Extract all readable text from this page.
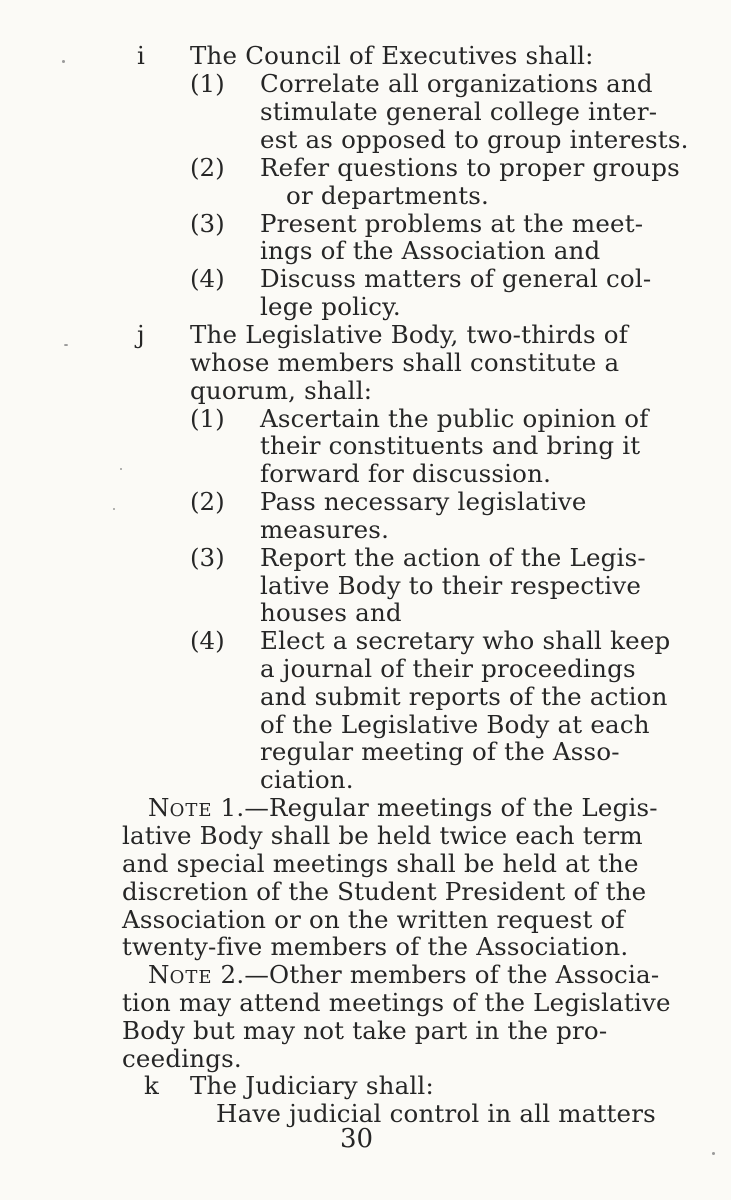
i The Council of Executives shall:
(1) Correlate all organizations and
stimulate general college inter-
est as opposed to group interests.
(2) Refer questions to proper groups
or departments.
(3) Present problems at the meet-
ings of the Association and
(4) Discuss matters of general col-
lege policy.
j The Legislative Body, two-thirds of
whose members shall constitute a
quorum, shall:
(1) Ascertain the public opinion of
their constituents and bring it
forward for discussion.
(2) Pass necessary legislative
measures.
(3) Report the action of the Legis-
lative Body to their respective
houses and
(4) Elect a secretary who shall keep
a journal of their proceedings
and submit reports of the action
of the Legislative Body at each
regular meeting of the Asso-
ciation.
NOTE 1.—Regular meetings of the Legis-
lative Body shall be held twice each term
and special meetings shall be held at the
discretion of the Student President of the
Association or on the written request of
twenty-five members of the Association.
NOTE 2.—Other members of the Associa-
tion may attend meetings of the Legislative
Body but may not take part in the pro-
ceedings.
k The Judiciary shall:
Have judicial control in all matters
30
